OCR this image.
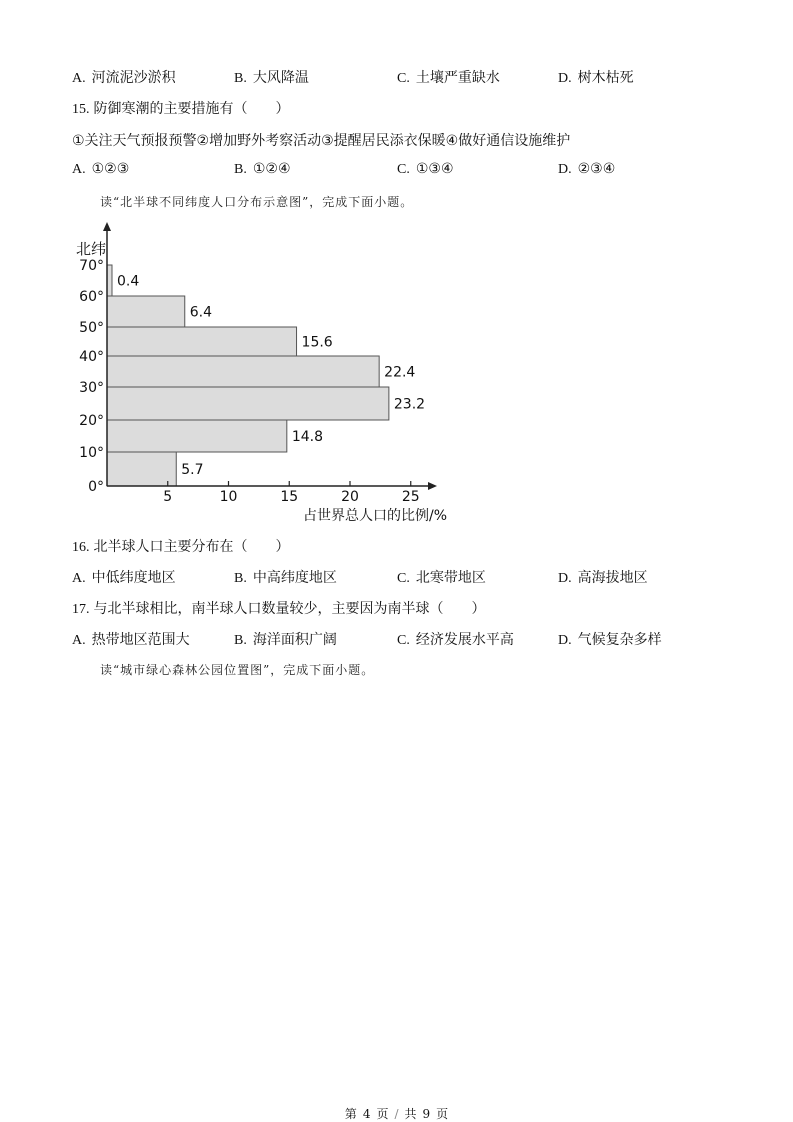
A. 河流泥沙淤积	B. 大风降温	C. 土壤严重缺水	D. 树木枯死
15. 防御寒潮的主要措施有（　　）
①关注天气预报预警②增加野外考察活动③提醒居民添衣保暖④做好通信设施维护
A. ①②③	B. ①②④	C. ①③④	D. ②③④
读“北半球不同纬度人口分布示意图”，完成下面小题。
5.7
14.8
23.2
22.4
15.6
6.4
0.4
5	10	15	20	25
0°
10°
20°
30°
40°
50°
60°
70°
北纬
占世界总人口的比例/%
16. 北半球人口主要分布在（　　）
A. 中低纬度地区	B. 中高纬度地区	C. 北寒带地区	D. 高海拔地区
17. 与北半球相比，南半球人口数量较少，主要因为南半球（　　）
A. 热带地区范围大	B. 海洋面积广阔	C. 经济发展水平高	D. 气候复杂多样
读“城市绿心森林公园位置图”，完成下面小题。
第 4 页 / 共 9 页
